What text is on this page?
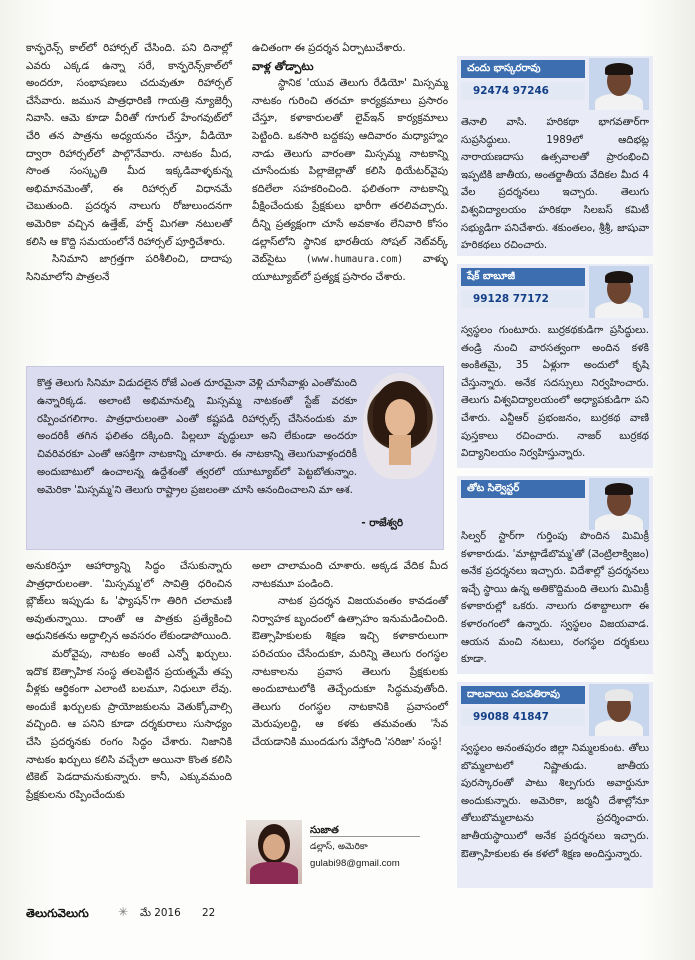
కాన్ఫరెన్స్ కాల్‌లో రిహార్సల్ చేసింది. పని దినాల్లో ఎవరు ఎక్కడ ఉన్నా సరే, కాన్ఫరెన్స్‌కాల్‌లో అందరూ, సంభాషణలు చదువుతూ రిహార్సల్ చేసేవారు. జమున పాత్రధారిణి గాయత్రి న్యూజెర్సీ నివాసి. ఆమె కూడా వీరితో గూగుల్ హేంగవుట్‌లో చేరి తన పాత్రను అధ్యయనం చేస్తూ, వీడియో ద్వారా రిహార్సల్‌లో పాల్గొనేవారు. నాటకం మీద, సొంత సంస్కృతి మీద ఇక్కడివాళ్ళకున్న అభిమానమెంతో, ఈ రిహార్సల్ విధానమే చెబుతుంది. ప్రదర్శన నాలుగు రోజులుందనగా అమెరికా వచ్చిన ఉత్తేజ్, హర్ష్ మిగతా నటులతో కలిసి ఆ కొద్ది సమయంలోనే రిహార్సల్ పూర్తిచేశారు.

సినిమాని జాగ్రత్తగా పరిశీలించి, దాదాపు సినిమాలోని పాత్రలనే

ఉచితంగా ఈ ప్రదర్శన ఏర్పాటుచేశారు.

వాళ్ల తోడ్పాటు

స్థానిక 'యువ తెలుగు రేడియో' మిస్సమ్మ నాటకం గురించి తరచూ కార్యక్రమాలు ప్రసారం చేస్తూ, కళాకారులతో లైవ్‌ఇన్ కార్యక్రమాలు పెట్టింది. ఒకసారి బద్దకపు ఆదివారం మధ్యాహ్నం నాడు తెలుగు వారంతా మిస్సమ్మ నాటకాన్ని చూసేందుకు పిల్లాజెల్లాతో కలిసి థియేటర్‌వైపు కదిలేలా సహకరించింది. ఫలితంగా నాటకాన్ని వీక్షించేందుకు ప్రేక్షకులు భారీగా తరలివచ్చారు. దీన్ని ప్రత్యక్షంగా చూసే అవకాశం లేనివారి కోసం డల్లాస్‌లోని స్థానిక భారతీయ సోషల్ నెట్‌వర్క్ వెబ్‌సైటు (www.humaura.com) వాళ్ళు యూట్యూబ్‌లో ప్రత్యక్ష ప్రసారం చేశారు.

కొత్త తెలుగు సినిమా విడుదలైన రోజే ఎంత దూరమైనా వెళ్లి చూసేవాళ్లు ఎంతోమంది ఉన్నారిక్కడ. అలాంటి అభిమానుల్ని మిస్సమ్మ నాటకంతో స్టేజ్ వరకూ రప్పించగలిగాం. పాత్రధారులంతా ఎంతో కష్టపడి రిహార్సల్స్ చేసినందుకు మా అందరికీ తగిన ఫలితం దక్కింది. పిల్లలూ వృద్ధులూ అని లేకుండా అందరూ చివరివరకూ ఎంతో ఆసక్తిగా నాటకాన్ని చూశారు. ఈ నాటకాన్ని తెలుగువాళ్లందరికీ అందుబాటులో ఉంచాలన్న ఉద్దేశంతో త్వరలో యూట్యూబ్‌లో పెట్టబోతున్నాం. అమెరికా 'మిస్సమ్మ'ని తెలుగు రాష్ట్రాల ప్రజలంతా చూసి ఆనందించాలని మా ఆశ.
- రాజేశ్వరి

అనుకరిస్తూ ఆహార్యాన్ని సిద్ధం చేసుకున్నారు పాత్రధారులంతా. 'మిస్సమ్మ'లో సావిత్రి ధరించిన బ్లౌజ్‌లు ఇప్పుడు ఓ 'ఫ్యాషన్'గా తిరిగి చలామణి అవుతున్నాయి. దాంతో ఆ పాత్రకు ప్రత్యేకించి ఆధునికతను అద్దాల్సిన అవసరం లేకుండాపోయింది.

మరోవైపు, నాటకం అంటే ఎన్నో ఖర్చులు. ఇదొక ఔత్సాహిక సంస్థ తలపెట్టిన ప్రయత్నమే తప్ప వీళ్లకు ఆర్థికంగా ఎలాంటి బలమూ, నిధులూ లేవు. అందుకే ఖర్చులకు ప్రాయోజకులను వెతుక్కోవాల్సి వచ్చింది. ఆ పనిని కూడా దర్శకురాలు సుసాధ్యం చేసి ప్రదర్శనకు రంగం సిద్ధం చేశారు. నిజానికి నాటకం ఖర్చులు కలిసి వచ్చేలా అయినా కొంత కలిసి టికెట్ పెడదామనుకున్నారు. కానీ, ఎక్కువమంది ప్రేక్షకులను రప్పించేందుకు

అలా చాలామంది చూశారు. అక్కడ వేదిక మీద నాటకమూ పండింది.

నాటక ప్రదర్శన విజయవంతం కావడంతో నిర్వాహక బృందంలో ఉత్సాహం ఇనుమడించింది. ఔత్సాహికులకు శిక్షణ ఇచ్చి కళాకారులుగా పరిచయం చేసేందుకూ, మరిన్ని తెలుగు రంగస్థల నాటకాలను ప్రవాస తెలుగు ప్రేక్షకులకు అందుబాటులోకి తెచ్చేందుకూ సిద్ధమవుతోంది. తెలుగు రంగస్థల నాటకానికి ప్రవాసంలో మెరుపులద్ది, ఆ కళకు తమవంతు 'సేవ చేయడానికి ముందడుగు వేస్తోంది 'సరిజా' సంస్థ!

సుజాత
డల్లాస్, అమెరికా
gulabi98@gmail.com
చందు భాస్కరరావు
92474 97246
తెనాలి వాసి. హరికథా భాగవతార్‌గా సుప్రసిద్ధులు. 1989లో ఆదిభట్ల నారాయణదాసు ఉత్సవాలతో ప్రారంభించి ఇప్పటికి జాతీయ, అంతర్జాతీయ వేదికల మీద 4 వేల ప్రదర్శనలు ఇచ్చారు. తెలుగు విశ్వవిద్యాలయం హరికథా సిలబస్ కమిటీ సభ్యుడిగా పనిచేశారు. శకుంతలం, శ్రీశ్రీ, జాషువా హరికథలు రచించారు.
షేక్ బాబూజీ
99128 77172
స్వస్థలం గుంటూరు. బుర్రకథకుడిగా ప్రసిద్ధులు. తండ్రి నుంచి వారసత్వంగా అందిన కళకి అంకితమై, 35 ఏళ్లుగా అందులో కృషి చేస్తున్నారు. అనేక సదస్సులు నిర్వహించారు. తెలుగు విశ్వవిద్యాలయంలో అధ్యాపకుడిగా పని చేశారు. ఎన్టీఆర్ ప్రభంజనం, బుర్రకథ వాణి పుస్తకాలు రచించారు. నాజర్ బుర్రకథ విద్యానిలయం నిర్వహిస్తున్నారు.
తోట సిల్వెస్టర్
సిల్వర్ స్టార్‌గా గుర్తింపు పొందిన మిమిక్రీ కళాకారుడు. 'మాట్లాడేబొమ్మ'తో (వెంట్రిలాక్విజం) అనేక ప్రదర్శనలు ఇచ్చారు. విదేశాల్లో ప్రదర్శనలు ఇచ్చే స్థాయి ఉన్న అతికొద్దిమంది తెలుగు మిమిక్రీ కళాకారుల్లో ఒకరు. నాలుగు దశాబ్దాలుగా ఈ కళారంగంలో ఉన్నారు. స్వస్థలం విజయవాడ. ఆయన మంచి నటులు, రంగస్థల దర్శకులు కూడా.
దాలవాయి చలపతిరావు
99088 41847
స్వస్థలం అనంతపురం జిల్లా నిమ్మలకుంట. తోలు బొమ్మలాటలో నిష్ణాతుడు. జాతీయ పురస్కారంతో పాటు శిల్పగురు అవార్డునూ అందుకున్నారు. అమెరికా, జర్మనీ దేశాల్లోనూ తోలుబొమ్మలాటను ప్రదర్శించారు. జాతీయస్థాయిలో అనేక ప్రదర్శనలు ఇచ్చారు. ఔత్సాహికులకు ఈ కళలో శిక్షణ అందిస్తున్నారు.
తెలుగువెలుగు ✳ మే 2016 22
